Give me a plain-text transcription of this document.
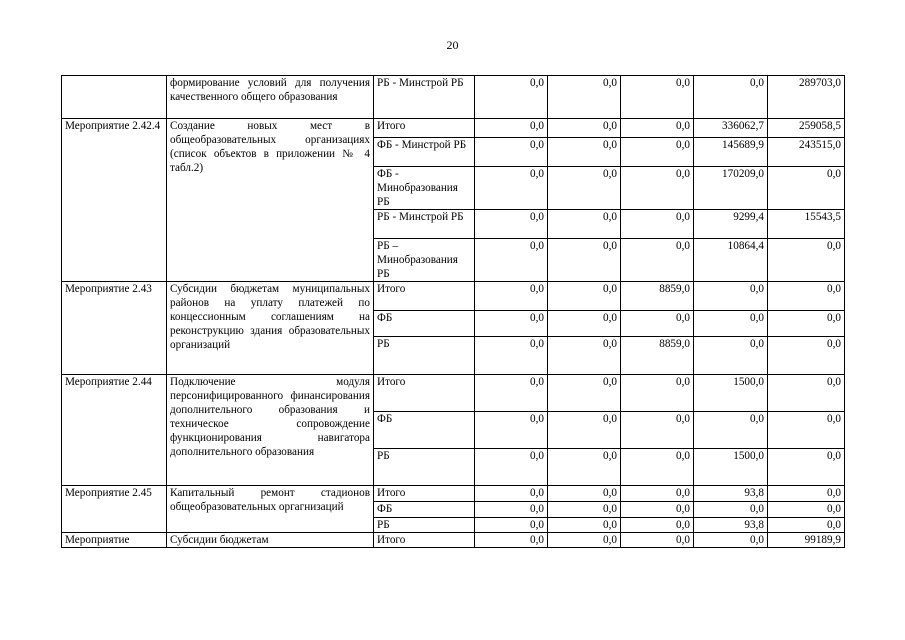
20
	формирование условий для получения качественного общего образования	РБ - Минстрой РБ	0,0	0,0	0,0	0,0	289703,0
Мероприятие 2.42.4	Создание новых мест в общеобразовательных организациях (список объектов в приложении № 4 табл.2)	Итого	0,0	0,0	0,0	336062,7	259058,5
		ФБ - Минстрой РБ	0,0	0,0	0,0	145689,9	243515,0
		ФБ - Минобразования РБ	0,0	0,0	0,0	170209,0	0,0
		РБ - Минстрой РБ	0,0	0,0	0,0	9299,4	15543,5
		РБ – Минобразования РБ	0,0	0,0	0,0	10864,4	0,0
Мероприятие 2.43	Субсидии бюджетам муниципальных районов на уплату платежей по концессионным соглашениям на реконструкцию здания образовательных организаций	Итого	0,0	0,0	8859,0	0,0	0,0
		ФБ	0,0	0,0	0,0	0,0	0,0
		РБ	0,0	0,0	8859,0	0,0	0,0
Мероприятие 2.44	Подключение модуля персонифицированного финансирования дополнительного образования и техническое сопровождение функционирования навигатора дополнительного образования	Итого	0,0	0,0	0,0	1500,0	0,0
		ФБ	0,0	0,0	0,0	0,0	0,0
		РБ	0,0	0,0	0,0	1500,0	0,0
Мероприятие 2.45	Капитальный ремонт стадионов общеобразовательных оргагнизаций	Итого	0,0	0,0	0,0	93,8	0,0
		ФБ	0,0	0,0	0,0	0,0	0,0
		РБ	0,0	0,0	0,0	93,8	0,0
Мероприятие	Субсидии бюджетам	Итого	0,0	0,0	0,0	0,0	99189,9
